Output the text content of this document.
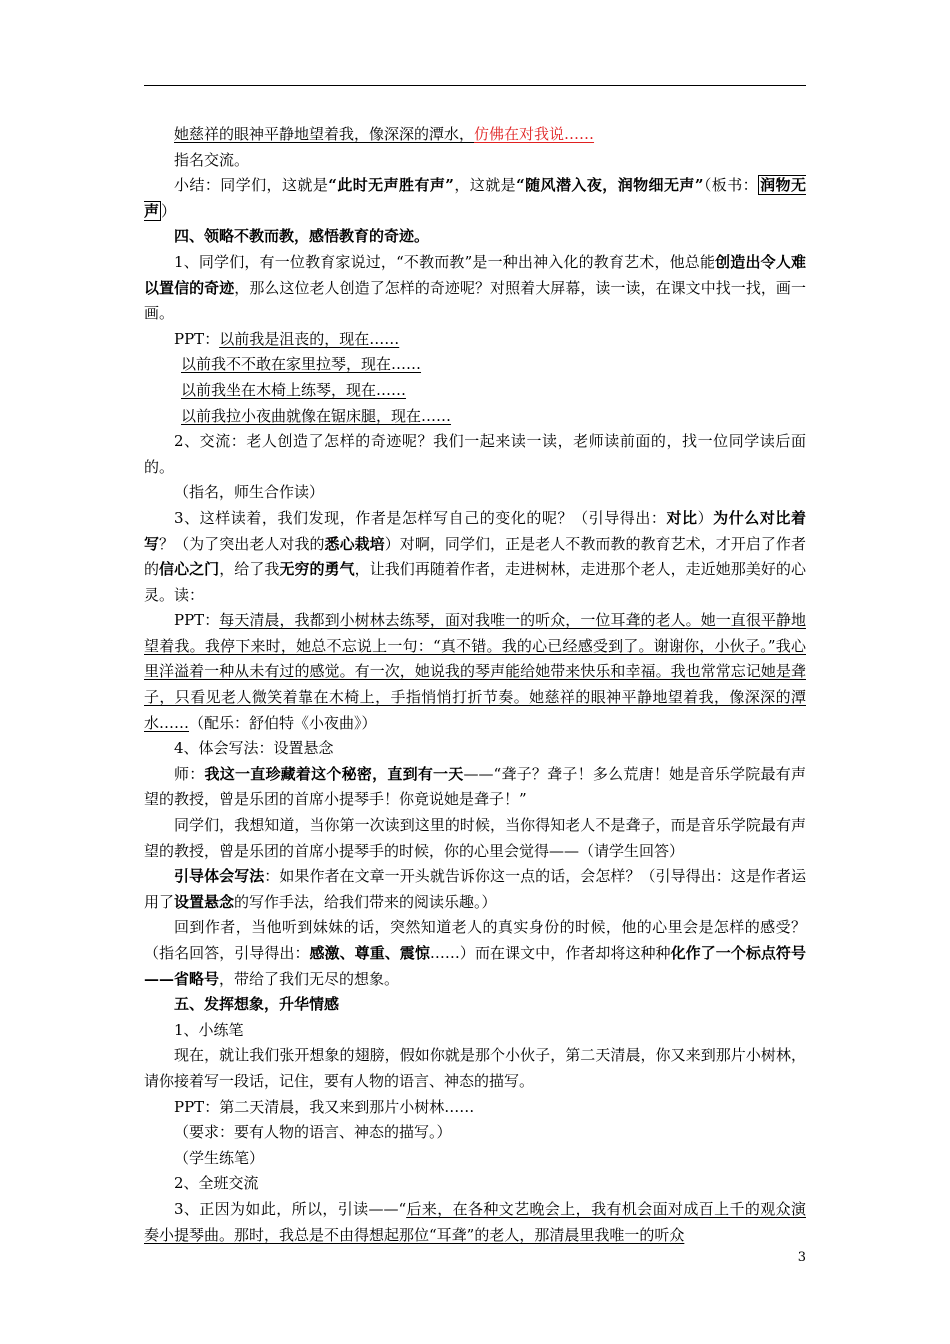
她慈祥的眼神平静地望着我，像深深的潭水，仿佛在对我说……

指名交流。

小结：同学们，这就是“此时无声胜有声”，这就是“随风潜入夜，润物细无声”（板书： 润物无声 ）

四、领略不教而教，感悟教育的奇迹。

1、同学们，有一位教育家说过，“不教而教”是一种出神入化的教育艺术，他总能创造出令人难以置信的奇迹，那么这位老人创造了怎样的奇迹呢？对照着大屏幕，读一读，在课文中找一找，画一画。

PPT：以前我是沮丧的，现在……

以前我不不敢在家里拉琴，现在……

以前我坐在木椅上练琴，现在……

以前我拉小夜曲就像在锯床腿，现在……

2、交流：老人创造了怎样的奇迹呢？我们一起来读一读，老师读前面的，找一位同学读后面的。

（指名，师生合作读）

3、这样读着，我们发现，作者是怎样写自己的变化的呢？（引导得出：对比）为什么对比着写？（为了突出老人对我的悉心栽培）对啊，同学们，正是老人不教而教的教育艺术，才开启了作者的信心之门，给了我无穷的勇气，让我们再随着作者，走进树林，走进那个老人，走近她那美好的心灵。读：

PPT：每天清晨，我都到小树林去练琴，面对我唯一的听众，一位耳聋的老人。她一直很平静地望着我。我停下来时，她总不忘说上一句：“真不错。我的心已经感受到了。谢谢你，小伙子。”我心里洋溢着一种从未有过的感觉。有一次，她说我的琴声能给她带来快乐和幸福。我也常常忘记她是聋子，只看见老人微笑着靠在木椅上，手指悄悄打折节奏。她慈祥的眼神平静地望着我，像深深的潭水……（配乐：舒伯特《小夜曲》）

4、体会写法：设置悬念

师：我这一直珍藏着这个秘密，直到有一天——“聋子？聋子！多么荒唐！她是音乐学院最有声望的教授，曾是乐团的首席小提琴手！你竟说她是聋子！”

同学们，我想知道，当你第一次读到这里的时候，当你得知老人不是聋子，而是音乐学院最有声望的教授，曾是乐团的首席小提琴手的时候，你的心里会觉得——（请学生回答）

引导体会写法：如果作者在文章一开头就告诉你这一点的话，会怎样？（引导得出：这是作者运用了设置悬念的写作手法，给我们带来的阅读乐趣。）

回到作者，当他听到妹妹的话，突然知道老人的真实身份的时候，他的心里会是怎样的感受？（指名回答，引导得出：感激、尊重、震惊……）而在课文中，作者却将这种种化作了一个标点符号——省略号，带给了我们无尽的想象。

五、发挥想象，升华情感

1、小练笔

现在，就让我们张开想象的翅膀，假如你就是那个小伙子，第二天清晨，你又来到那片小树林，请你接着写一段话，记住，要有人物的语言、神态的描写。

PPT：第二天清晨，我又来到那片小树林……

（要求：要有人物的语言、神态的描写。）

（学生练笔）

2、全班交流

3、正因为如此，所以，引读——“后来，在各种文艺晚会上，我有机会面对成百上千的观众演奏小提琴曲。那时，我总是不由得想起那位“耳聋”的老人，那清晨里我唯一的听众

3
